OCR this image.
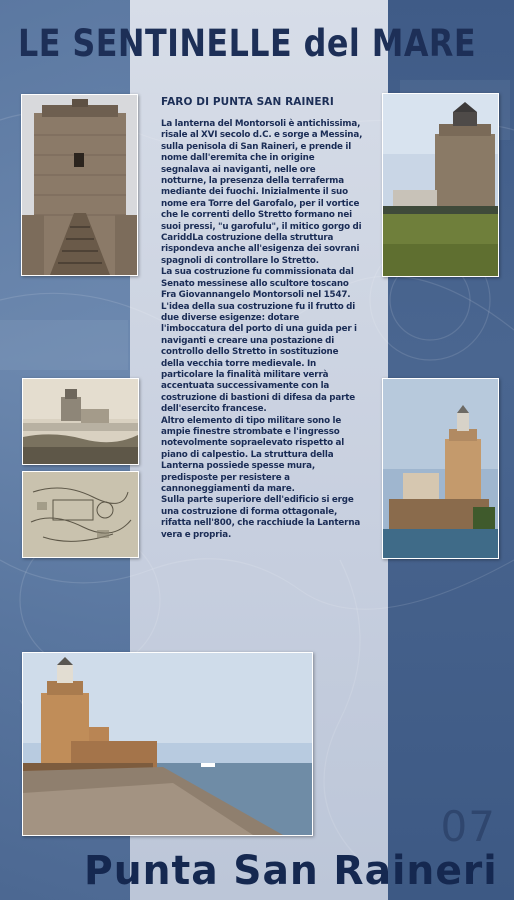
LE SENTINELLE del MARE
FARO DI PUNTA SAN RAINERI

La lanterna del Montorsoli è antichissima, risale al XVI secolo d.C. e sorge a Messina, sulla penisola di San Raineri, e prende il nome dall'eremita che in origine segnalava ai naviganti, nelle ore notturne, la presenza della terraferma mediante dei fuochi. Inizialmente il suo nome era Torre del Garofalo, per il vortice che le correnti dello Stretto formano nei suoi pressi, "u garofulu", il mitico gorgo di CariddLa costruzione della struttura rispondeva anche all'esigenza dei sovrani spagnoli di controllare lo Stretto.

La sua costruzione fu commissionata dal Senato messinese allo scultore toscano Fra Giovannangelo Montorsoli nel 1547. L'idea della sua costruzione fu il frutto di due diverse esigenze: dotare l'imboccatura del porto di una guida per i naviganti e creare una postazione di controllo dello Stretto in sostituzione della vecchia torre medievale. In particolare la finalità militare verrà accentuata successivamente con la costruzione di bastioni di difesa da parte dell'esercito francese.

Altro elemento di tipo militare sono le ampie finestre strombate e l'ingresso notevolmente sopraelevato rispetto al piano di calpestio. La struttura della Lanterna possiede spesse mura, predisposte per resistere a cannoneggiamenti da mare.

Sulla parte superiore dell'edificio si erge una costruzione di forma ottagonale, rifatta nell'800, che racchiude la Lanterna vera e propria.

07

Punta San Raineri
